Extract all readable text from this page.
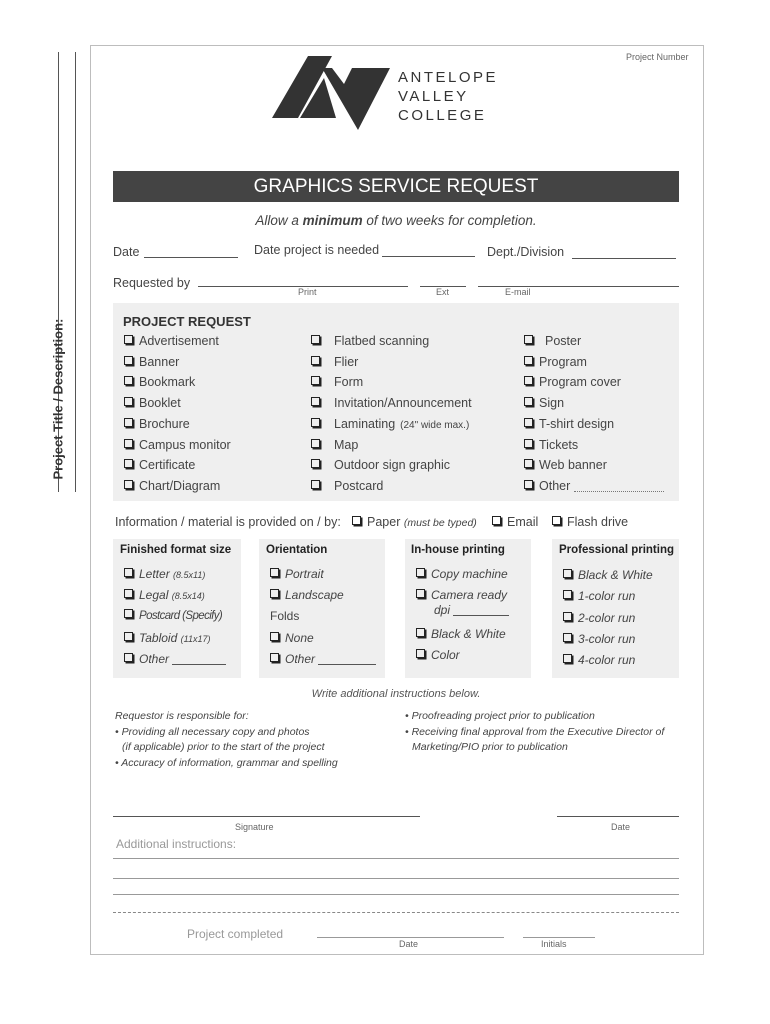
Project Title / Description:
Project Number
ANTELOPE
VALLEY
COLLEGE
GRAPHICS SERVICE REQUEST
Allow a minimum of two weeks for completion.
Date	Date project is needed	Dept./Division
Requested by
Print	Ext	E-mail
PROJECT REQUEST
Advertisement
Banner
Bookmark
Booklet
Brochure
Campus monitor
Certificate
Chart/Diagram
Flatbed scanning
Flier
Form
Invitation/Announcement
Laminating (24" wide max.)
Map
Outdoor sign graphic
Postcard
Poster
Program
Program cover
Sign
T-shirt design
Tickets
Web banner
Other
Information / material is provided on / by:	Paper (must be typed)	Email	Flash drive
Finished format size	Orientation	In-house printing	Professional printing
Letter (8.5x11)
Legal (8.5x14)
Postcard (Specify)
Tabloid (11x17)
Other
Portrait
Landscape
Folds
None
Other
Copy machine
Camera ready
dpi
Black & White
Color
Black & White
1-color run
2-color run
3-color run
4-color run
Write additional instructions below.
Requestor is responsible for:
• Providing all necessary copy and photos
(if applicable) prior to the start of the project
• Accuracy of information, grammar and spelling
• Proofreading project prior to publication
• Receiving final approval from the Executive Director of
Marketing/PIO prior to publication
Signature	Date
Additional instructions:
Project completed
Date	Initials
